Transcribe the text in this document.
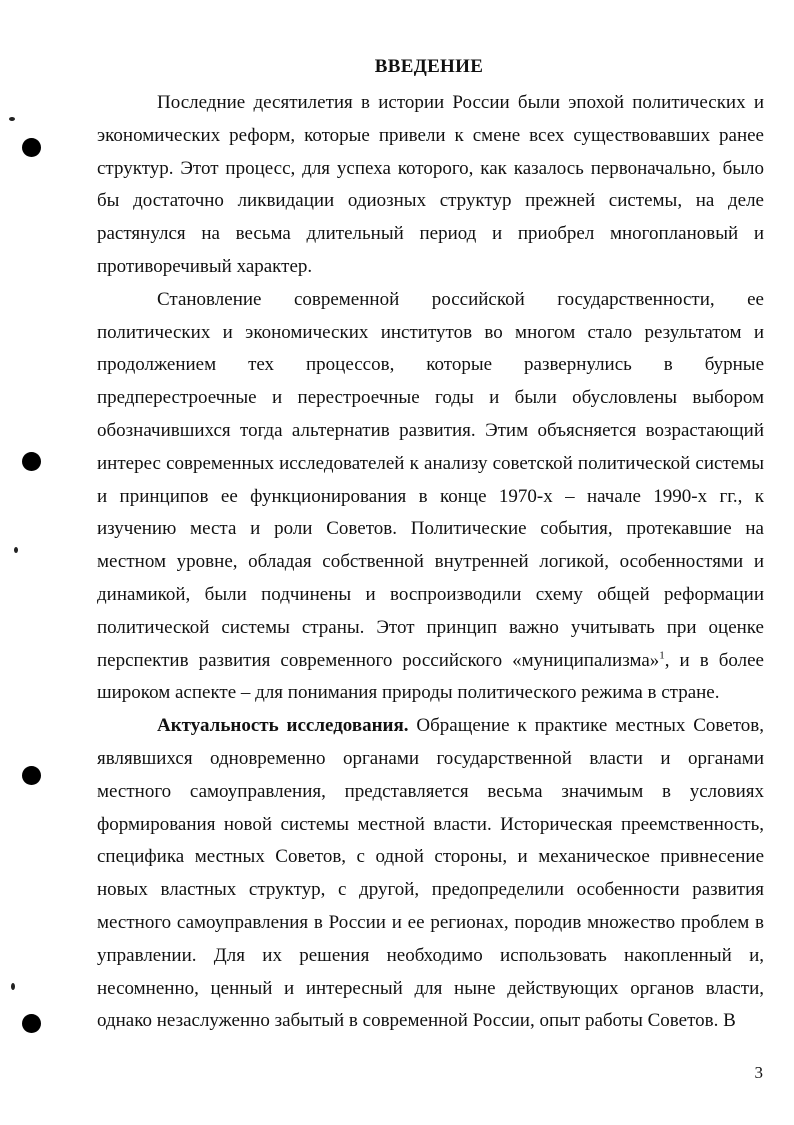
ВВЕДЕНИЕ

Последние десятилетия в истории России были эпохой политических и экономических реформ, которые привели к смене всех существовавших ранее структур. Этот процесс, для успеха которого, как казалось первоначально, было бы достаточно ликвидации одиозных структур прежней системы, на деле растянулся на весьма длительный период и приобрел многоплановый и противоречивый характер.

Становление современной российской государственности, ее политических и экономических институтов во многом стало результатом и продолжением тех процессов, которые развернулись в бурные предперестроечные и перестроечные годы и были обусловлены выбором обозначившихся тогда альтернатив развития. Этим объясняется возрастающий интерес современных исследователей к анализу советской политической системы и принципов ее функционирования в конце 1970-х – начале 1990-х гг., к изучению места и роли Советов. Политические события, протекавшие на местном уровне, обладая собственной внутренней логикой, особенностями и динамикой, были подчинены и воспроизводили схему общей реформации политической системы страны. Этот принцип важно учитывать при оценке перспектив развития современного российского «муниципализма»$^1$, и в более широком аспекте – для понимания природы политического режима в стране.

Актуальность исследования. Обращение к практике местных Советов, являвшихся одновременно органами государственной власти и органами местного самоуправления, представляется весьма значимым в условиях формирования новой системы местной власти. Историческая преемственность, специфика местных Советов, с одной стороны, и механическое привнесение новых властных структур, с другой, предопределили особенности развития местного самоуправления в России и ее регионах, породив множество проблем в управлении. Для их решения необходимо использовать накопленный и, несомненно, ценный и интересный для ныне действующих органов власти, однако незаслуженно забытый в современной России, опыт работы Советов. В

3
